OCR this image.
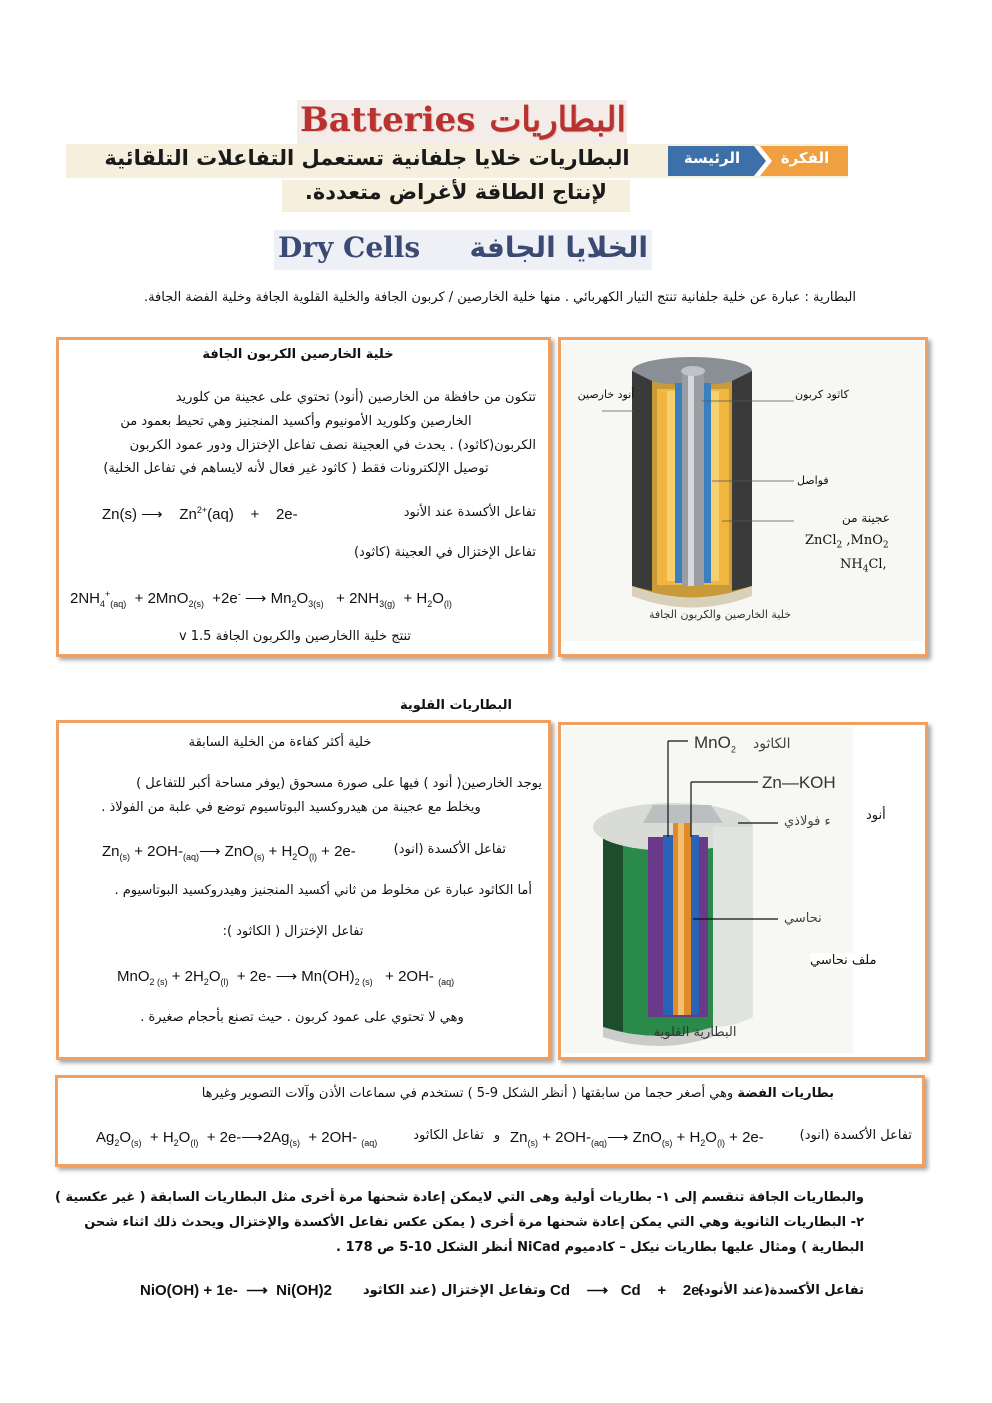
Batteries البطاريات
الفكرة
الرئيسة
البطاريات خلايا جلفانية تستعمل التفاعلات التلقائية
لإنتاج الطاقة لأغراض متعددة.
Dry Cells	الخلايا الجافة
البطارية : عبارة عن خلية جلفانية تنتج التيار الكهربائي . منها خلية الخارصين / كربون الجافة والخلية القلوية الجافة وخلية الفضة الجافة.
خلية الخارصين الكربون الجافة
تتكون من حافظة من الخارصين (أنود) تحتوي على عجينة من كلوريد
الخارصين وكلوريد الأمونيوم وأكسيد المنجنيز وهي تحيط بعمود من
الكربون(كاثود) . يحدث في العجينة نصف تفاعل الإختزال ودور عمود الكربون
توصيل الإلكترونات فقط ( كاثود غير فعال لأنه لايساهم في تفاعل الخلية)
تفاعل الأكسدة عند الأنود
Zn(s) ⟶ $Zn^{2+}(aq) + 2e-$
تفاعل الإختزال في العجينة (كاثود)
$2NH_4^+_{(aq)} + 2MnO_{2(s)} +2e^-$ ⟶ $Mn_2O_{3(s)} + 2NH_{3(g)} + H_2O_{(l)}$
تنتج خلية االخارصين والكربون الجافة v 1.5
أنود خارصين	كاثود كربون
فواصل
عجينة من
ZnCl$_2$ ,MnO$_2$
$NH_4Cl$,
خلية الخارصين والكربون الجافة
البطاريات القلوية
خلية أكثر كفاءة من الخلية السابقة
يوجد الخارصين( أنود ) فيها على صورة مسحوق (يوفر مساحة أكبر للتفاعل )
ويخلط مع عجينة من هيدروكسيد البوتاسيوم توضع في علبة من الفولاذ .
$Zn_{(s)}$ + $2OH-_{(aq)}⟶$ $ZnO_{(s)} + H_2O_{(l)} + 2e-$	تفاعل الأكسدة (انود)
أما الكاثود عبارة عن مخلوط من ثاني أكسيد المنجنيز وهيدروكسيد البوتاسيوم .
تفاعل الإختزال ( الكاثود ):
$MnO_{2 (s)} + 2H_2O_{(l)} + 2e-$ ⟶ $Mn(OH)_{2 (s)} + 2OH-$ $_{(aq)}$
وهي لا تحتوي على عمود كربون . حيث تصنع بأحجام صغيرة .
MnO$_2$ الكاثود
Zn—KOH
ء فولاذي
نحاسي
البطارية القلوية
أنود
ملف نحاسي
بطاريات الفضة وهي أصغر حجما من سابقتها ( أنظر الشكل 9-5 ) تستخدم في سماعات الأذن وآلات التصوير وغيرها
$Ag_2O_{(s)} + H_2O_{(l)}$ + $2e-⟶2Ag_{(s)} + 2OH-$ $_{(aq)}$	تفاعل الكاثود و $Zn_{(s)}$ + $2OH-_{(aq)}⟶$ $ZnO_{(s)} + H_2O_{(l)} + 2e-$	تفاعل الأكسدة (انود)
والبطاريات الجافة تنقسم إلى ١- بطاريات أولية وهى التي لايمكن إعادة شحنها مرة أخرى مثل البطاريات السابقة ( غير عكسية )
٢- البطاريات الثانوية وهي التي يمكن إعادة شحنها مرة أخرى ( يمكن عكس تفاعل الأكسدة والإختزال ويحدث ذلك اثناء شحن
البطارية ) ومثال عليها بطاريات نيكل – كادميوم NiCad أنظر الشكل 10-5 ص 178 .
NiO(OH) + 1e- ⟶ Ni(OH)2 وتفاعل الإختزال (عند الكاثود Cd ⟶ Cd + 2e-
تفاعل الأكسدة(عند الأنود)
